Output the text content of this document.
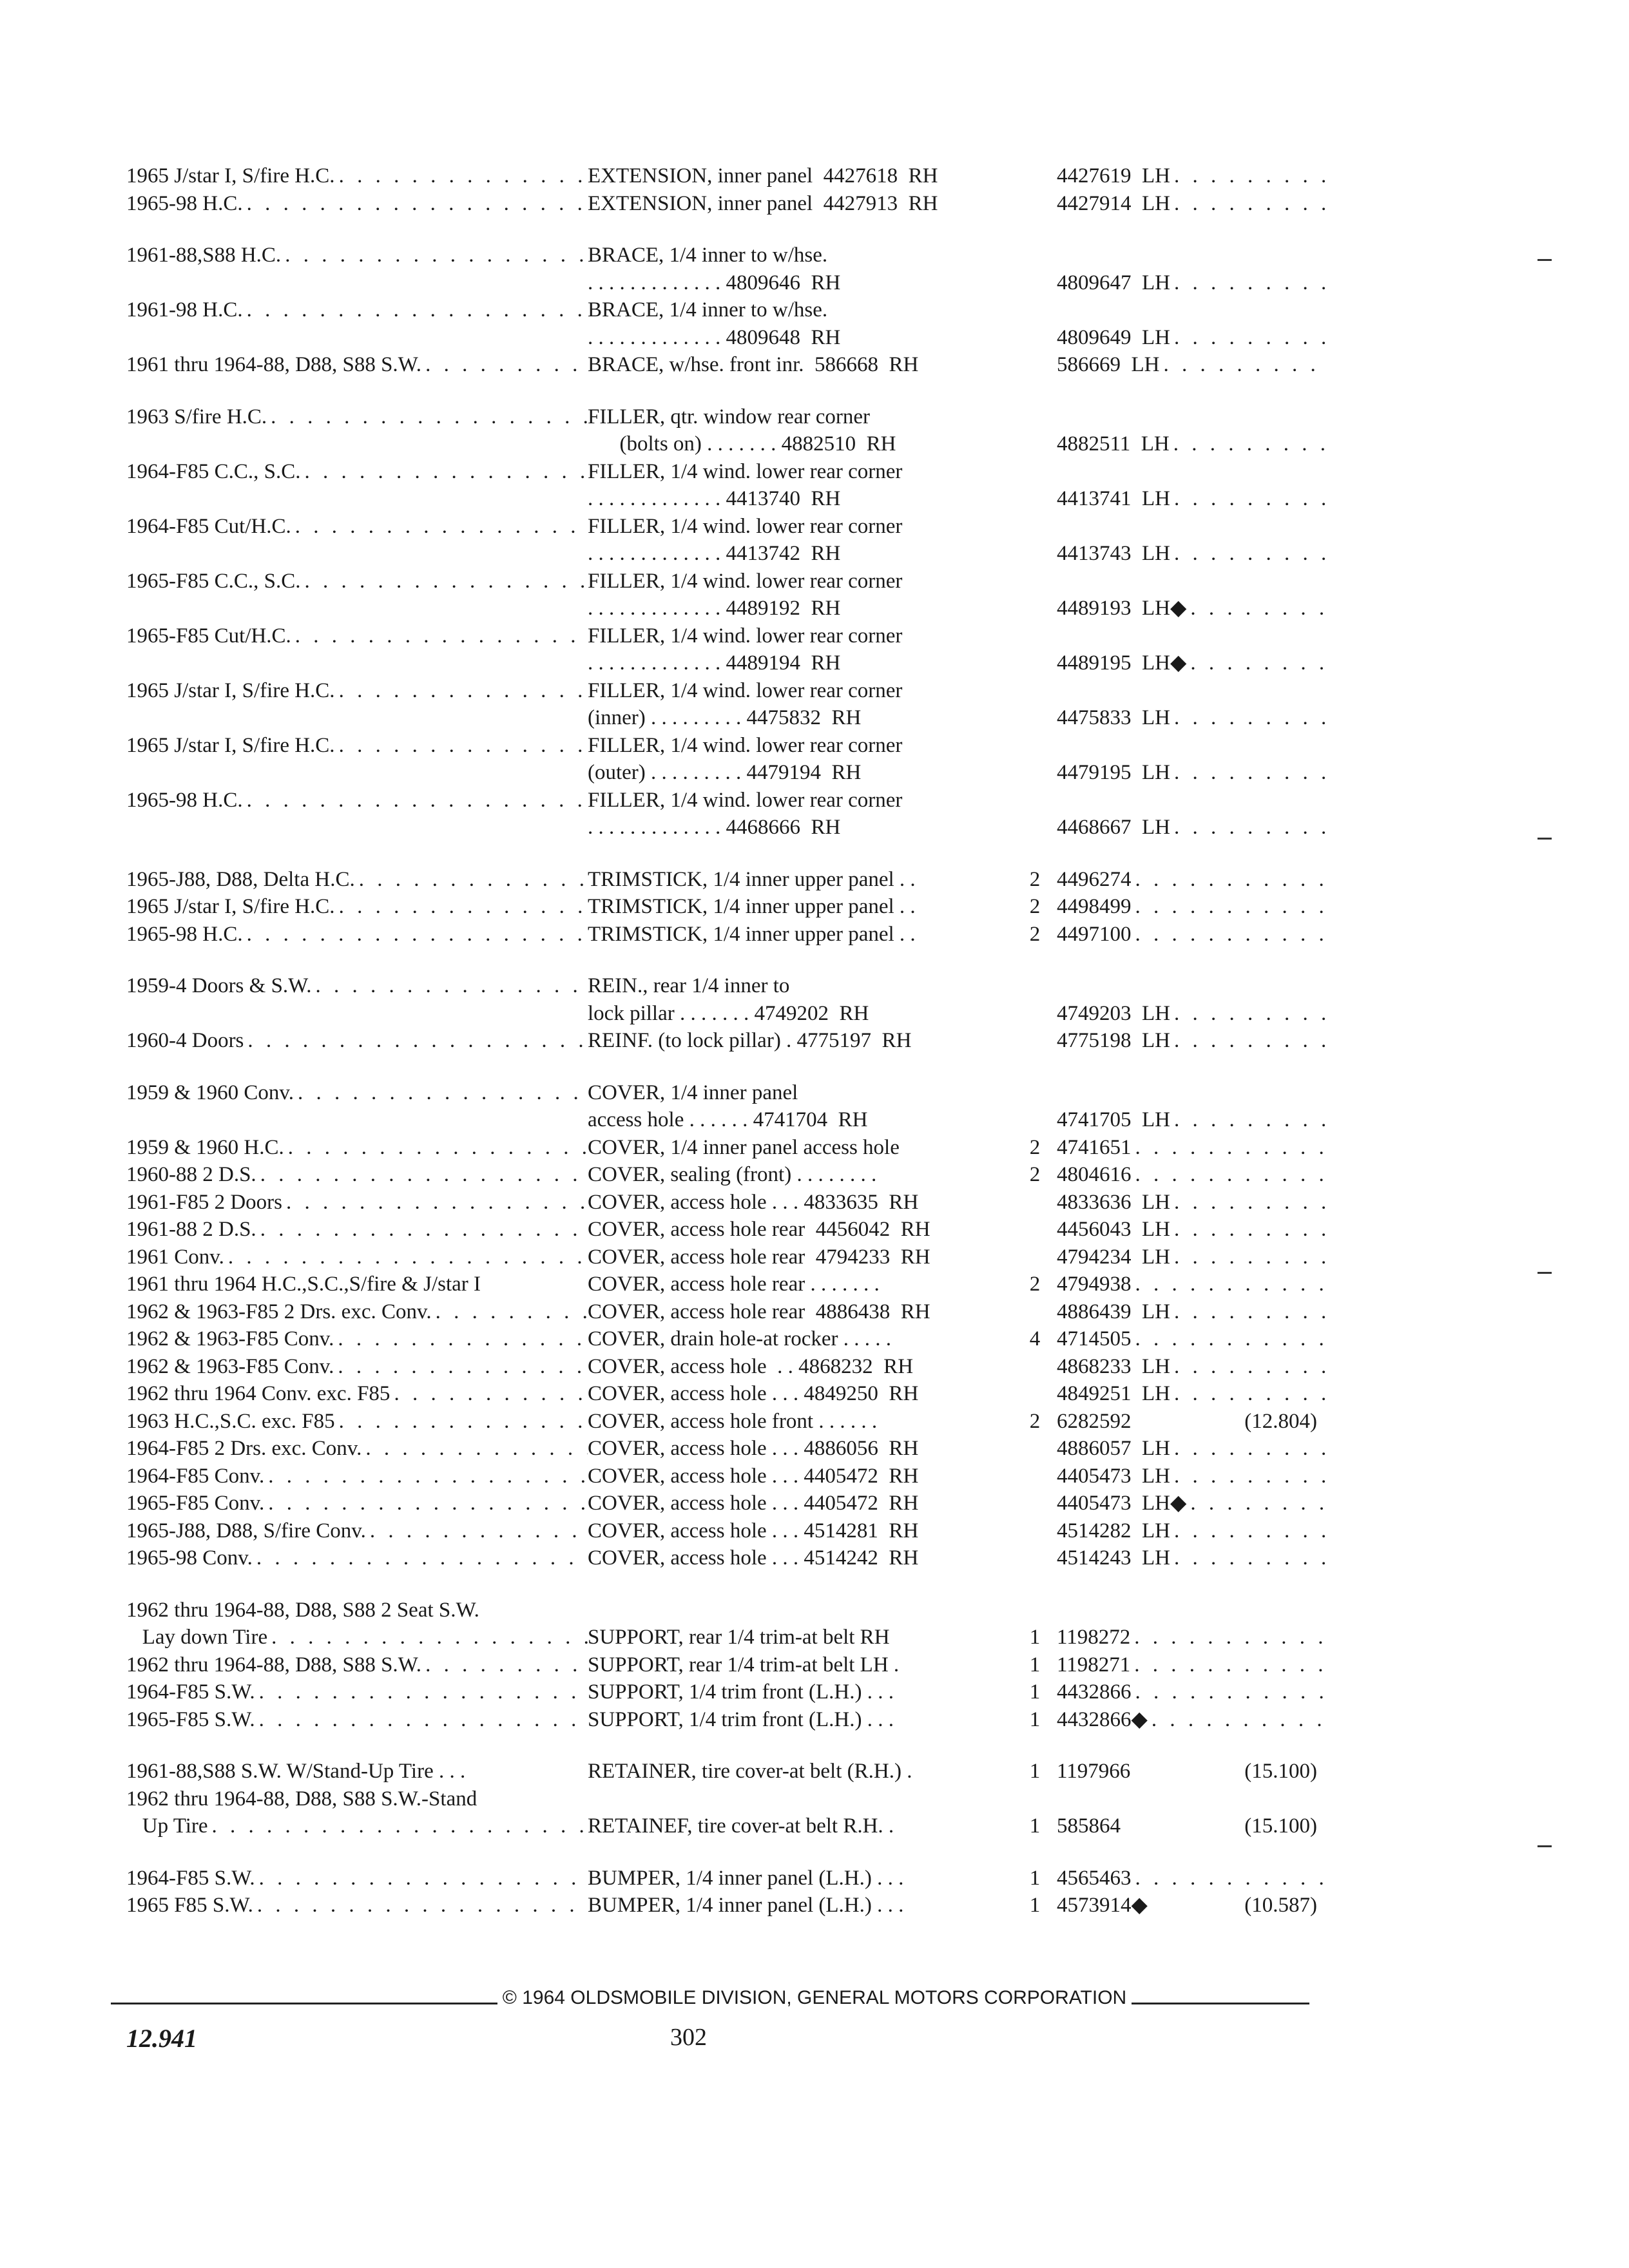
1965 J/star I, S/fire H.C. . . .	EXTENSION, inner panel  4427618  RH	4427619  LH
. . .
1965-98 H.C. . . .	EXTENSION, inner panel  4427913  RH	4427914  LH
. . .
1961-88,S88 H.C. . . .	BRACE, 1/4 inner to w/hse.
. . . . . . . . . . . . . 4809646  RH	4809647  LH
. . .
1961-98 H.C. . . .	BRACE, 1/4 inner to w/hse.
. . . . . . . . . . . . . 4809648  RH	4809649  LH
. . .
1961 thru 1964-88, D88, S88 S.W. . . .	BRACE, w/hse. front inr.  586668  RH	586669  LH
. . .
1963 S/fire H.C. . . .	FILLER, qtr. window rear corner
(bolts on) . . . . . . . 4882510  RH	4882511  LH
. . .
1964-F85 C.C., S.C. . . .	FILLER, 1/4 wind. lower rear corner
. . . . . . . . . . . . . 4413740  RH	4413741  LH
. . .
1964-F85 Cut/H.C. . . .	FILLER, 1/4 wind. lower rear corner
. . . . . . . . . . . . . 4413742  RH	4413743  LH
. . .
1965-F85 C.C., S.C. . . .	FILLER, 1/4 wind. lower rear corner
. . . . . . . . . . . . . 4489192  RH	4489193  LH◆
. . .
1965-F85 Cut/H.C. . . .	FILLER, 1/4 wind. lower rear corner
. . . . . . . . . . . . . 4489194  RH	4489195  LH◆
. . .
1965 J/star I, S/fire H.C. . . .	FILLER, 1/4 wind. lower rear corner
(inner) . . . . . . . . . 4475832  RH	4475833  LH
. . .
1965 J/star I, S/fire H.C. . . .	FILLER, 1/4 wind. lower rear corner
(outer) . . . . . . . . . 4479194  RH	4479195  LH
. . .
1965-98 H.C. . . .	FILLER, 1/4 wind. lower rear corner
. . . . . . . . . . . . . 4468666  RH	4468667  LH
. . .
1965-J88, D88, Delta H.C. . . .	TRIMSTICK, 1/4 inner upper panel . .	2 4496274
. . .
1965 J/star I, S/fire H.C. . . .	TRIMSTICK, 1/4 inner upper panel . .	2 4498499
. . .
1965-98 H.C. . . .	TRIMSTICK, 1/4 inner upper panel . .	2 4497100
. . .
1959-4 Doors & S.W. . . .	REIN., rear 1/4 inner to
lock pillar . . . . . . . 4749202  RH	4749203  LH
. . .
1960-4 Doors . . .	REINF. (to lock pillar) . 4775197  RH	4775198  LH
. . .
1959 & 1960 Conv. . . .	COVER, 1/4 inner panel
access hole . . . . . . 4741704  RH	4741705  LH
. . .
1959 & 1960 H.C. . . .	COVER, 1/4 inner panel access hole	2 4741651
. . .
1960-88 2 D.S. . . .	COVER, sealing (front) . . . . . . . .	2 4804616
. . .
1961-F85 2 Doors . . .	COVER, access hole . . . 4833635  RH	4833636  LH
. . .
1961-88 2 D.S. . . .	COVER, access hole rear  4456042  RH	4456043  LH
. . .
1961 Conv. . . .	COVER, access hole rear  4794233  RH	4794234  LH
. . .
1961 thru 1964 H.C.,S.C.,S/fire & J/star I	COVER, access hole rear . . . . . . .	2 4794938
. . .
1962 & 1963-F85 2 Drs. exc. Conv. . . .	COVER, access hole rear  4886438  RH	4886439  LH
. . .
1962 & 1963-F85 Conv. . . .	COVER, drain hole-at rocker . . . . .	4 4714505
. . .
1962 & 1963-F85 Conv. . . .	COVER, access hole  . . 4868232  RH	4868233  LH
. . .
1962 thru 1964 Conv. exc. F85 . . .	COVER, access hole . . . 4849250  RH	4849251  LH
. . .
1963 H.C.,S.C. exc. F85 . . .	COVER, access hole front . . . . . .	2 6282592	(12.804)
1964-F85 2 Drs. exc. Conv. . . .	COVER, access hole . . . 4886056  RH	4886057  LH
. . .
1964-F85 Conv. . . .	COVER, access hole . . . 4405472  RH	4405473  LH
. . .
1965-F85 Conv. . . .	COVER, access hole . . . 4405472  RH	4405473  LH◆
. . .
1965-J88, D88, S/fire Conv. . . .	COVER, access hole . . . 4514281  RH	4514282  LH
. . .
1965-98 Conv. . . .	COVER, access hole . . . 4514242  RH	4514243  LH
. . .
1962 thru 1964-88, D88, S88 2 Seat S.W.
Lay down Tire . . .	SUPPORT, rear 1/4 trim-at belt RH	1 1198272
. . .
1962 thru 1964-88, D88, S88 S.W. . . .	SUPPORT, rear 1/4 trim-at belt LH .	1 1198271
. . .
1964-F85 S.W. . . .	SUPPORT, 1/4 trim front (L.H.) . . .	1 4432866
. . .
1965-F85 S.W. . . .	SUPPORT, 1/4 trim front (L.H.) . . .	1 4432866◆
. . .
1961-88,S88 S.W. W/Stand-Up Tire . . .	RETAINER, tire cover-at belt (R.H.) .	1 1197966	(15.100)
1962 thru 1964-88, D88, S88 S.W.-Stand
Up Tire . . .	RETAINEF, tire cover-at belt R.H. .	1 585864	(15.100)
1964-F85 S.W. . . .	BUMPER, 1/4 inner panel (L.H.) . . .	1 4565463
. . .
1965 F85 S.W. . . .	BUMPER, 1/4 inner panel (L.H.) . . .	1 4573914◆	(10.587)
© 1964 OLDSMOBILE DIVISION, GENERAL MOTORS CORPORATION
12.941	302
